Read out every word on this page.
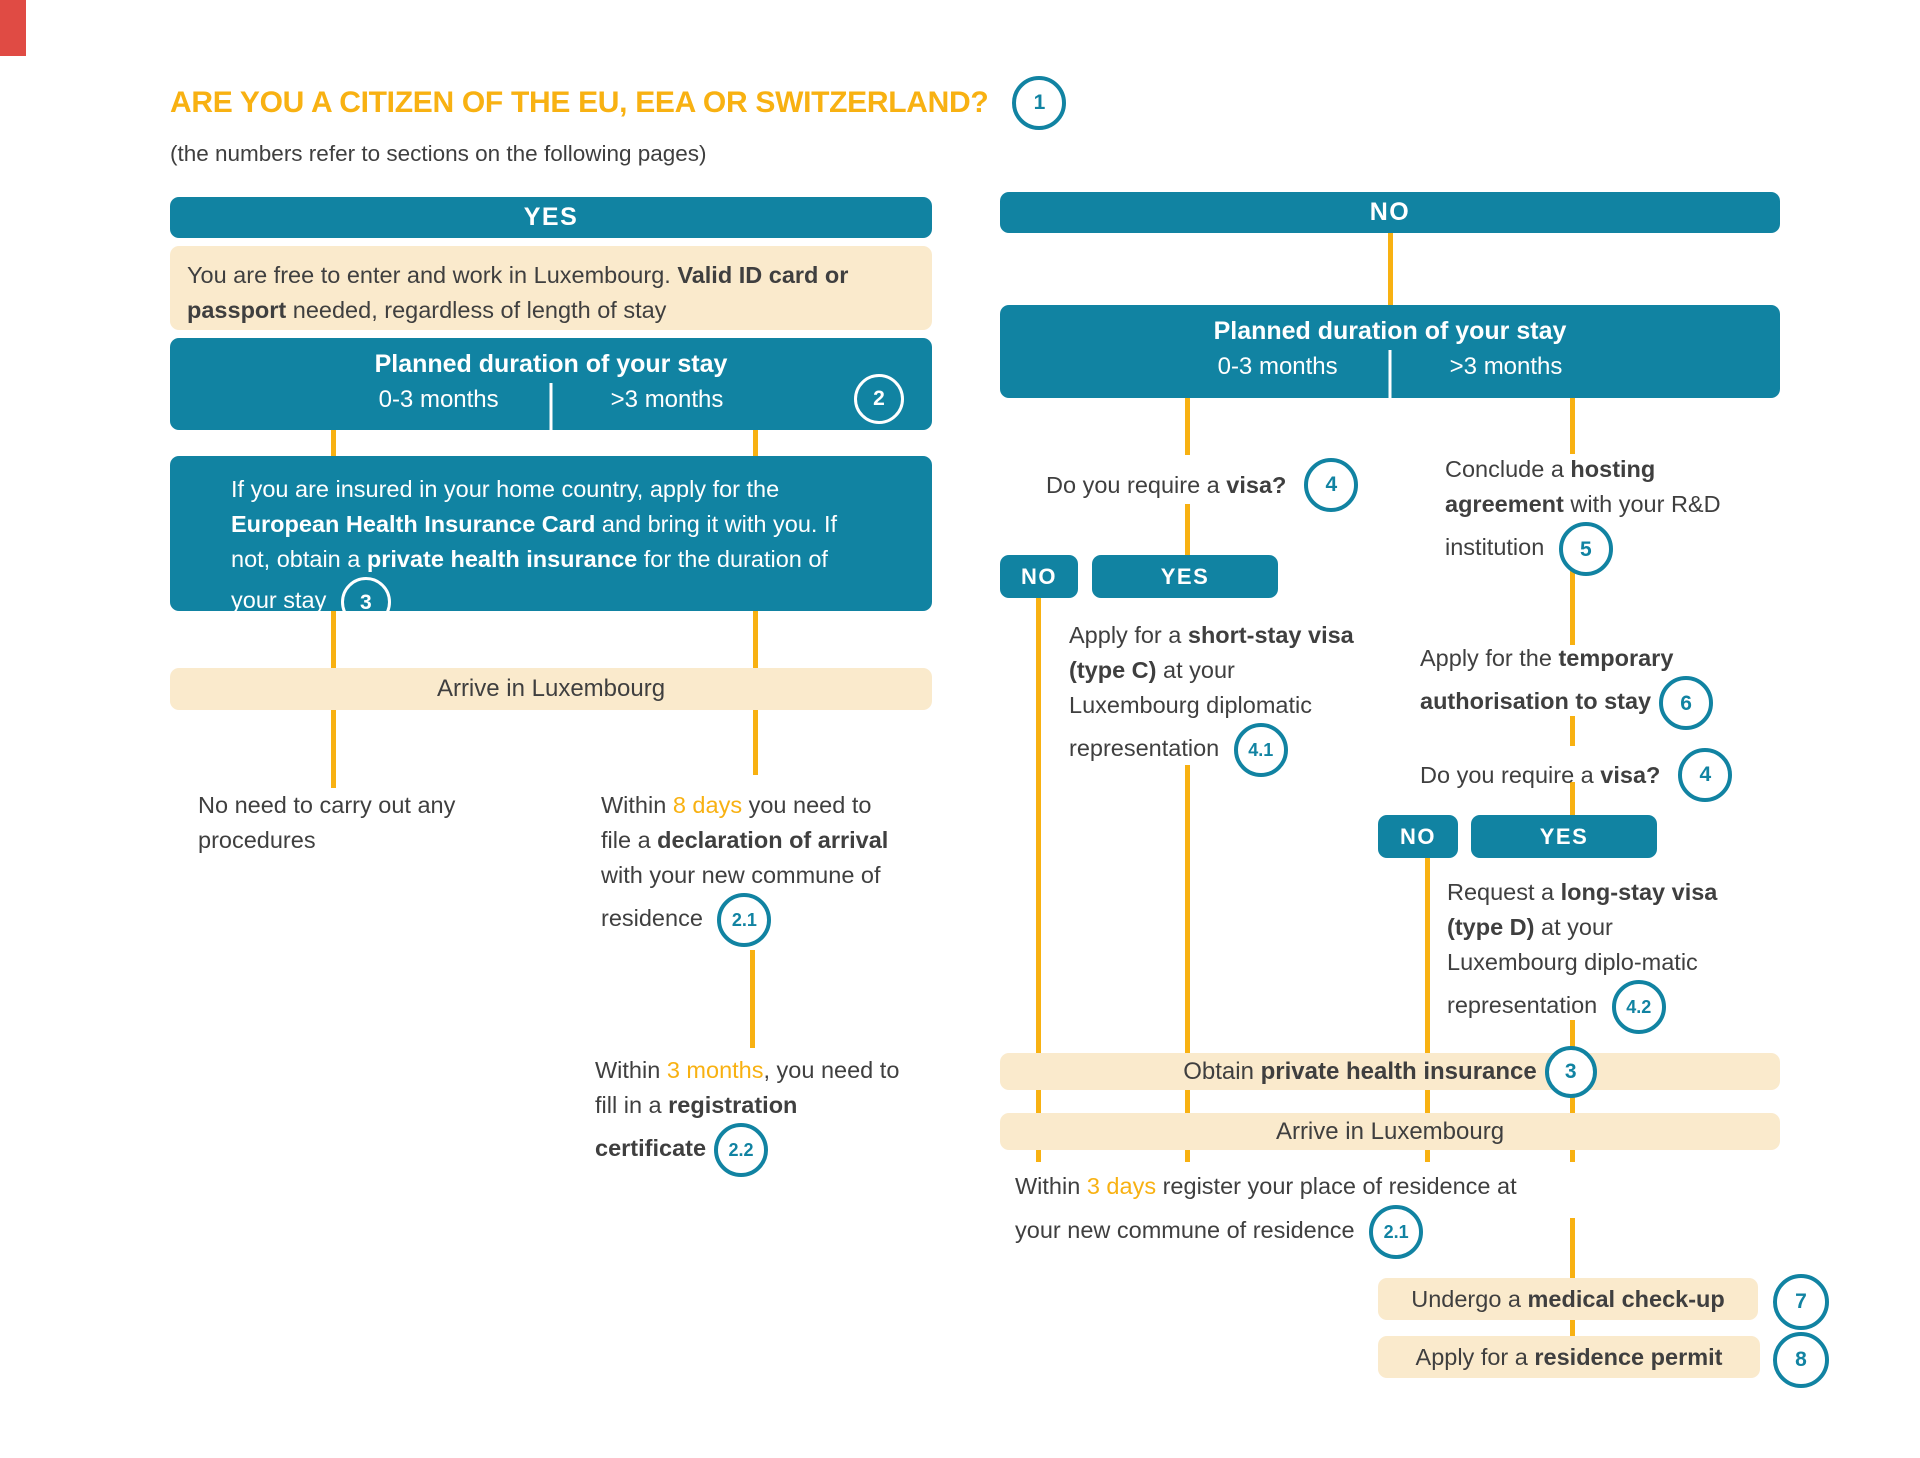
ARE YOU A CITIZEN OF THE EU, EEA OR SWITZERLAND?	1

(the numbers refer to sections on the following pages)

YES
You are free to enter and work in Luxembourg. Valid ID card or passport needed, regardless of length of stay
Planned duration of your stay
0-3 months	>3 months	2
If you are insured in your home country, apply for the European Health Insurance Card and bring it with you. If not, obtain a private health insurance for the duration of your stay 3
Arrive in Luxembourg

No need to carry out any procedures

Within 8 days you need to file a declaration of arrival with your new commune of residence 2.1

Within 3 months, you need to fill in a registration certificate 2.2

NO
Planned duration of your stay
0-3 months	>3 months

Do you require a visa?	4

Conclude a hosting agreement with your R&D institution 5

NO	YES

Apply for a short-stay visa (type C) at your Luxembourg diplomatic representation 4.1

Apply for the temporary authorisation to stay 6

Do you require a visa?	4
NO	YES

Request a long-stay visa (type D) at your Luxembourg diplo-matic representation 4.2

Obtain
private health insurance	3
Arrive in Luxembourg

Within 3 days register your place of residence at your new commune of residence 2.1

Undergo a
medical check-up	7
Apply for a
residence permit	8
